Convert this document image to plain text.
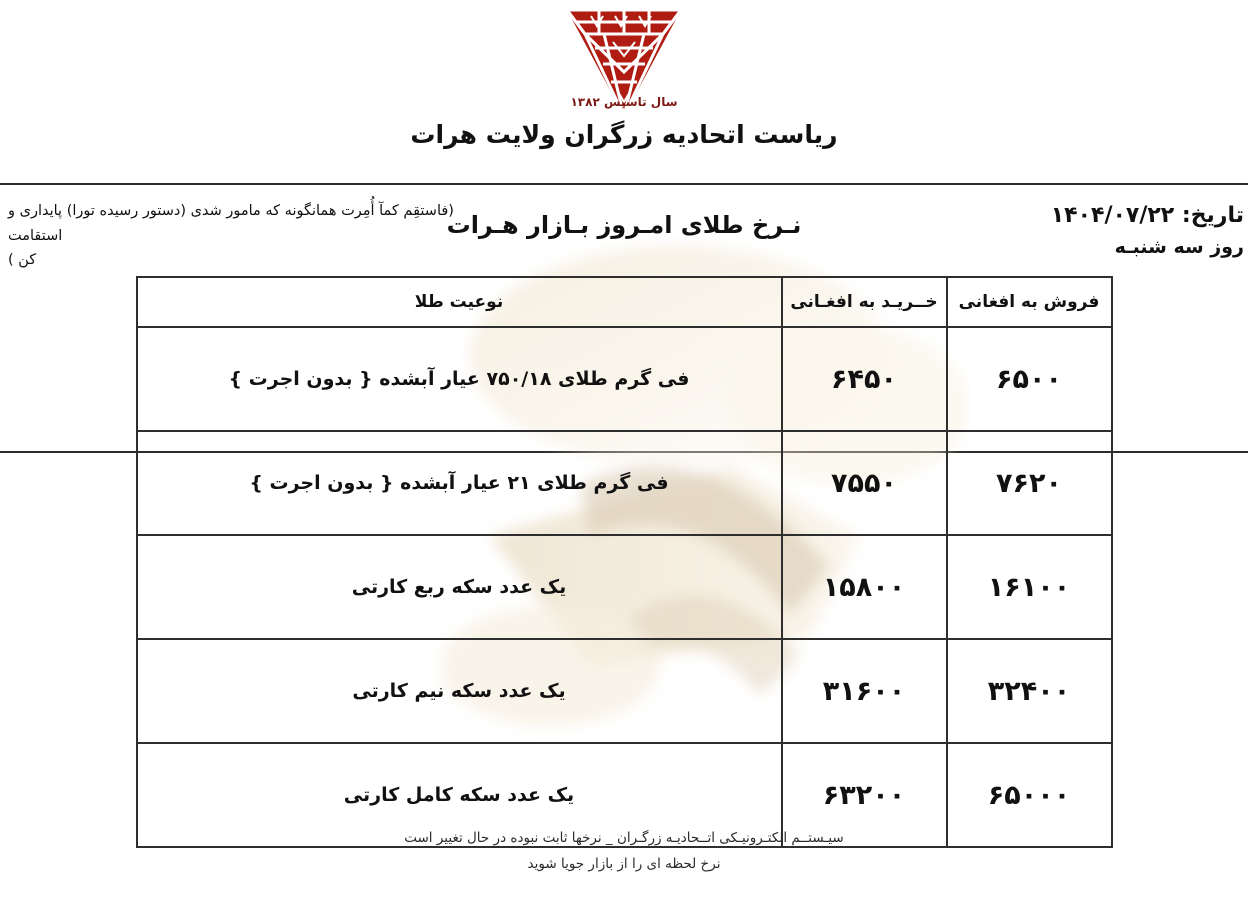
سال تاسیس ۱۳۸۲
ریاست اتحادیه زرگران ولایت هرات
(فاستقِم کمآ أُمِرت همانگونه که مامور شدی (دستور رسیده تورا) پایداری و استقامت
کن )
نـرخ طلای امـروز بـازار هـرات	تاریخ: ۱۴۰۴/۰۷/۲۲
روز سه شنبـه
فروش به افغانی	خــریـد به افغـانی	نوعیت طلا
۶۵۰۰	۶۴۵۰	فی گرم طلای ۷۵۰/۱۸ عیار آبشده { بدون اجرت }
۷۶۲۰	۷۵۵۰	فی گرم طلای ۲۱ عیار آبشده { بدون اجرت }
۱۶۱۰۰	۱۵۸۰۰	یک عدد سکه ربع کارتی
۳۲۴۰۰	۳۱۶۰۰	یک عدد سکه نیم کارتی
۶۵۰۰۰	۶۳۲۰۰	یک عدد سکه کامل کارتی
سیـستــم الکتـرونیـکی اتــحادیـه زرگـران _ نرخها ثابت نبوده در حال تغییر است
نرخ لحظه ای را از بازار جویا شوید
